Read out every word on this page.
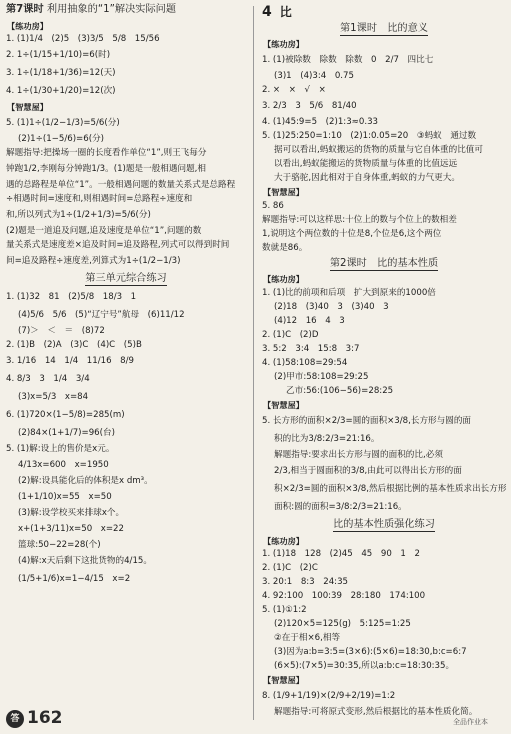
第7课时 利用抽象的“1”解决实际问题
【练功房】
1. (1)1/4　(2)5　(3)3/5　5/8　15/56
2. 1÷(1/15+1/10)=6(时)
3. 1÷(1/18+1/36)=12(天)
4. 1÷(1/30+1/20)=12(次)
【智慧屋】
5. (1)1÷(1/2−1/3)=5/6(分)
(2)1÷(1−5/6)=6(分)
解题指导:把操场一圈的长度看作单位“1”,则王飞每分
钟跑1/2,李刚每分钟跑1/3。(1)题是一般相遇问题,相
遇的总路程是单位“1”。一般相遇问题的数量关系式是总路程
÷相遇时间=速度和,则相遇时间=总路程÷速度和
和,所以列式为1÷(1/2+1/3)=5/6(分)
(2)题是一道追及问题,追及速度是单位“1”,问题的数
量关系式是速度差×追及时间=追及路程,列式可以得到时间
间=追及路程÷速度差,列算式为1÷(1/2−1/3)
第三单元综合练习
1. (1)32　81　(2)5/8　18/3　1
(4)5/6　5/6　(5)“辽宁号”航母　(6)11/12
(7)＞　＜　＝　(8)72
2. (1)B　(2)A　(3)C　(4)C　(5)B
3. 1/16　14　1/4　11/16　8/9
4. 8/3　3　1/4　3/4
(3)x=5/3　x=84
6. (1)720×(1−5/8)=285(m)
(2)84×(1+1/7)=96(台)
5. (1)解:设上的售价是x元。
4/13x=600　x=1950
(2)解:设具能化后的体积是x dm³。
(1+1/10)x=55　x=50
(3)解:设学校买来排球x个。
x+(1+3/11)x=50　x=22
篮球:50−22=28(个)
(4)解:x天后剩下这批货物的4/15。
(1/5+1/6)x=1−4/15　x=2
4 比
第1课时　比的意义
【练功房】
1. (1)被除数　除数　除数　0　2/7　四比七
(3)1　(4)3:4　0.75
2. ×　×　√　×
3. 2/3　3　5/6　81/40
4. (1)45:9=5　(2)1:3≈0.33
5. (1)25:250=1:10　(2)1:0.05=20　③蚂蚁　通过数
据可以看出,蚂蚁搬运的货物的质量与它自体重的比值可
以看出,蚂蚁能搬运的货物质量与体重的比值远远
大于骆驼,因此相对于自身体重,蚂蚁的力气更大。
【智慧屋】
5. 86
解题指导:可以这样思:十位上的数与个位上的数相差
1,说明这个两位数的十位是8,个位是6,这个两位
数就是86。
第2课时　比的基本性质
【练功房】
1. (1)比的前项和后项　扩大到原来的1000倍
(2)18　(3)40　3　(3)40　3
(4)12　16　4　3
2. (1)C　(2)D
3. 5:2　3:4　15:8　3:7
4. (1)58:108=29:54
(2)甲市:58:108=29:25
乙市:56:(106−56)=28:25
【智慧屋】
5. 长方形的面积×2/3=圆的面积×3/8,长方形与圆的面
积的比为3/8:2/3=21:16。
解题指导:要求出长方形与圆的面积的比,必须
2/3,相当于圆面积的3/8,由此可以得出长方形的面
积×2/3=圆的面积×3/8,然后根据比例的基本性质求出长方形
面积:圆的面积=3/8:2/3=21:16。
比的基本性质强化练习
【练功房】
1. (1)18　128　(2)45　45　90　1　2
2. (1)C　(2)C
3. 20:1　8:3　24:35
4. 92:100　100:39　28:180　174:100
5. (1)①1:2
(2)120×5=125(g)　5:125=1:25
②在于相×6,相等
(3)因为a:b=3:5=(3×6):(5×6)=18:30,b:c=6:7
(6×5):(7×5)=30:35,所以a:b:c=18:30:35。
【智慧屋】
8. (1/9+1/19)×(2/9+2/19)=1:2
解题指导:可将原式变形,然后根据比的基本性质化简。
答 162	全品作业本
